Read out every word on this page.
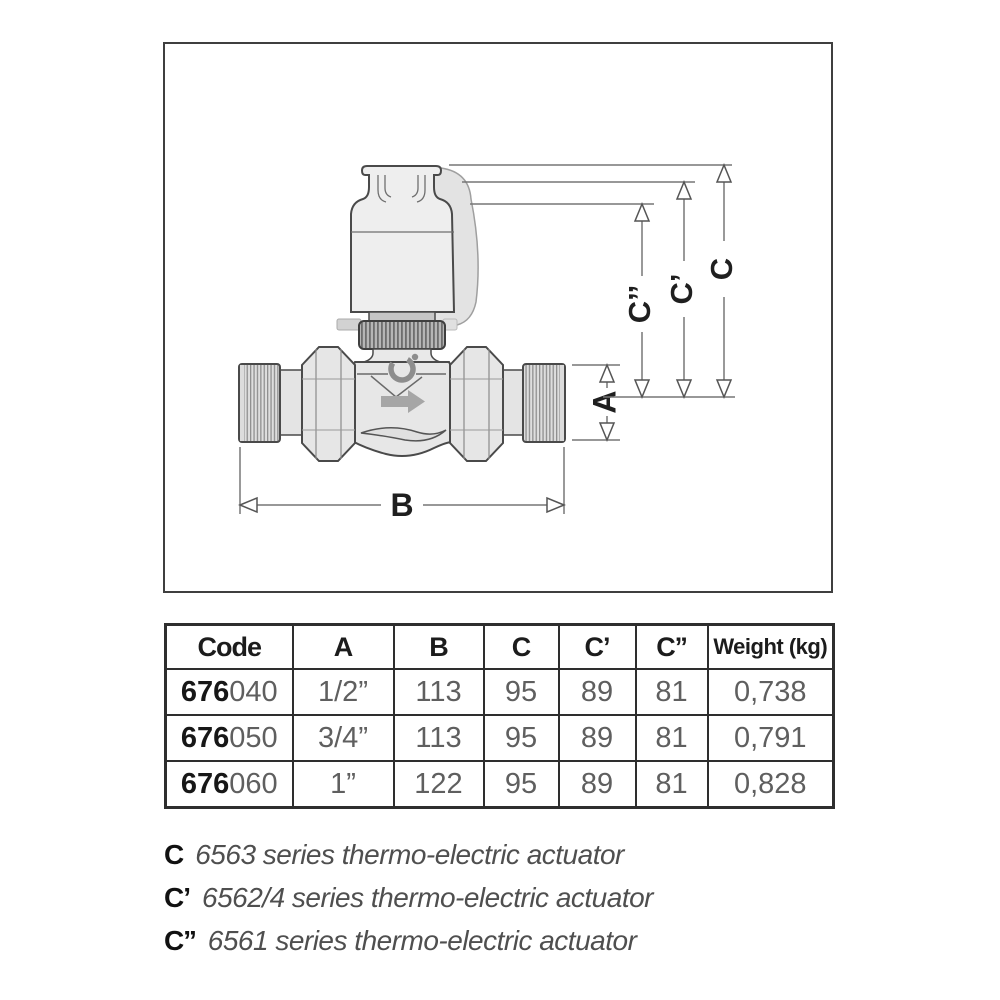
B
A
C’’ C’
C
Code	A	B	C	C’	C’’	Weight (kg)
676040	1/2”	113	95	89	81	0,738
676050	3/4”	113	95	89	81	0,791
676060	1”	122	95	89	81	0,828
C 6563 series thermo-electric actuator
C’ 6562/4 series thermo-electric actuator
C’’ 6561 series thermo-electric actuator
